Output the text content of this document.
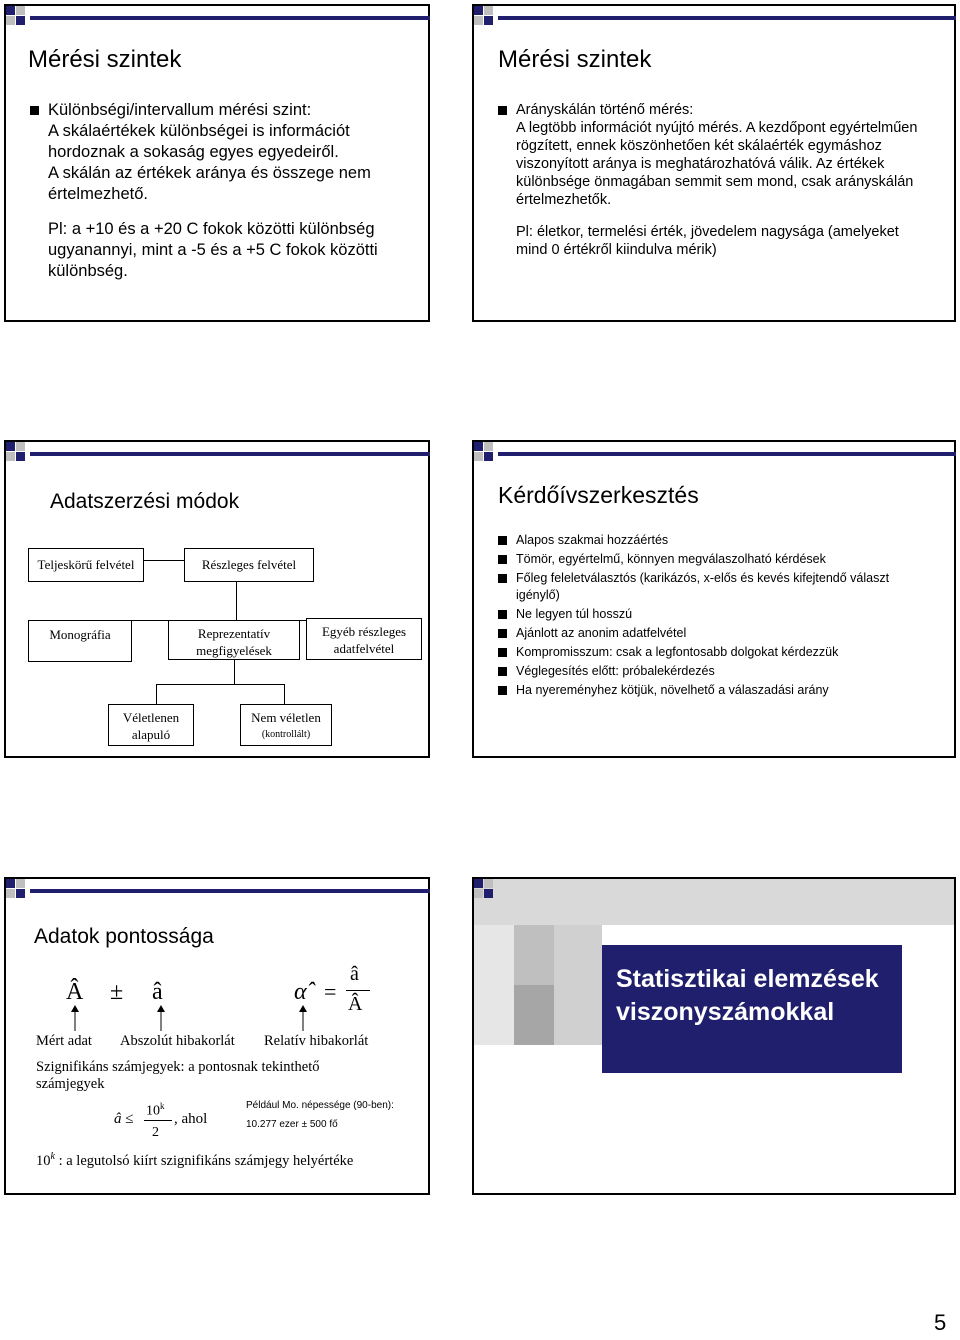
Mérési szintek
Különbségi/intervallum mérési szint:
A skálaértékek különbségei is információt hordoznak a sokaság egyes egyedeiről.
A skálán az értékek aránya és összege nem értelmezhető.
Pl: a +10 és a +20 C fokok közötti különbség ugyanannyi, mint a -5 és a +5 C fokok közötti különbség.
Mérési szintek
Arányskálán történő mérés:
A legtöbb információt nyújtó mérés. A kezdőpont egyértelműen rögzített, ennek köszönhetően két skálaérték egymáshoz viszonyított aránya is meghatározhatóvá válik. Az értékek különbsége önmagában semmit sem mond, csak arányskálán értelmezhetők.
Pl: életkor, termelési érték, jövedelem nagysága (amelyeket mind 0 értékről kiindulva mérik)
Adatszerzési módok
Teljeskörű felvétel	Részleges felvétel
Monográfia	Reprezentatív megfigyelések
Egyéb részleges adatfelvétel
Véletlenen alapuló
Nem véletlen
(kontrollált)
Kérdőívszerkesztés
Alapos szakmai hozzáértés
Tömör, egyértelmű, könnyen megválaszolható kérdések
Főleg feleletválasztós (karikázós, x-elős és kevés kifejtendő választ igénylő)
Ne legyen túl hosszú
Ajánlott az anonim adatfelvétel
Kompromisszum: csak a legfontosabb dolgokat kérdezzük
Véglegesítés előtt: próbalekérdezés
Ha nyereményhez kötjük, növelhető a válaszadási arány
Adatok pontossága
Â ± â	α̂ =
â
Â
Mért adat Abszolút hibakorlát Relatív hibakorlát
Szignifikáns számjegyek: a pontosnak tekinthető számjegyek
â ≤ $10^k$
2
, ahol
Például Mo. népessége (90-ben):
10.277 ezer ± 500 fő
10$^k$ : a legutolsó kiírt szignifikáns számjegy helyértéke
Statisztikai elemzések viszonyszámokkal
5
